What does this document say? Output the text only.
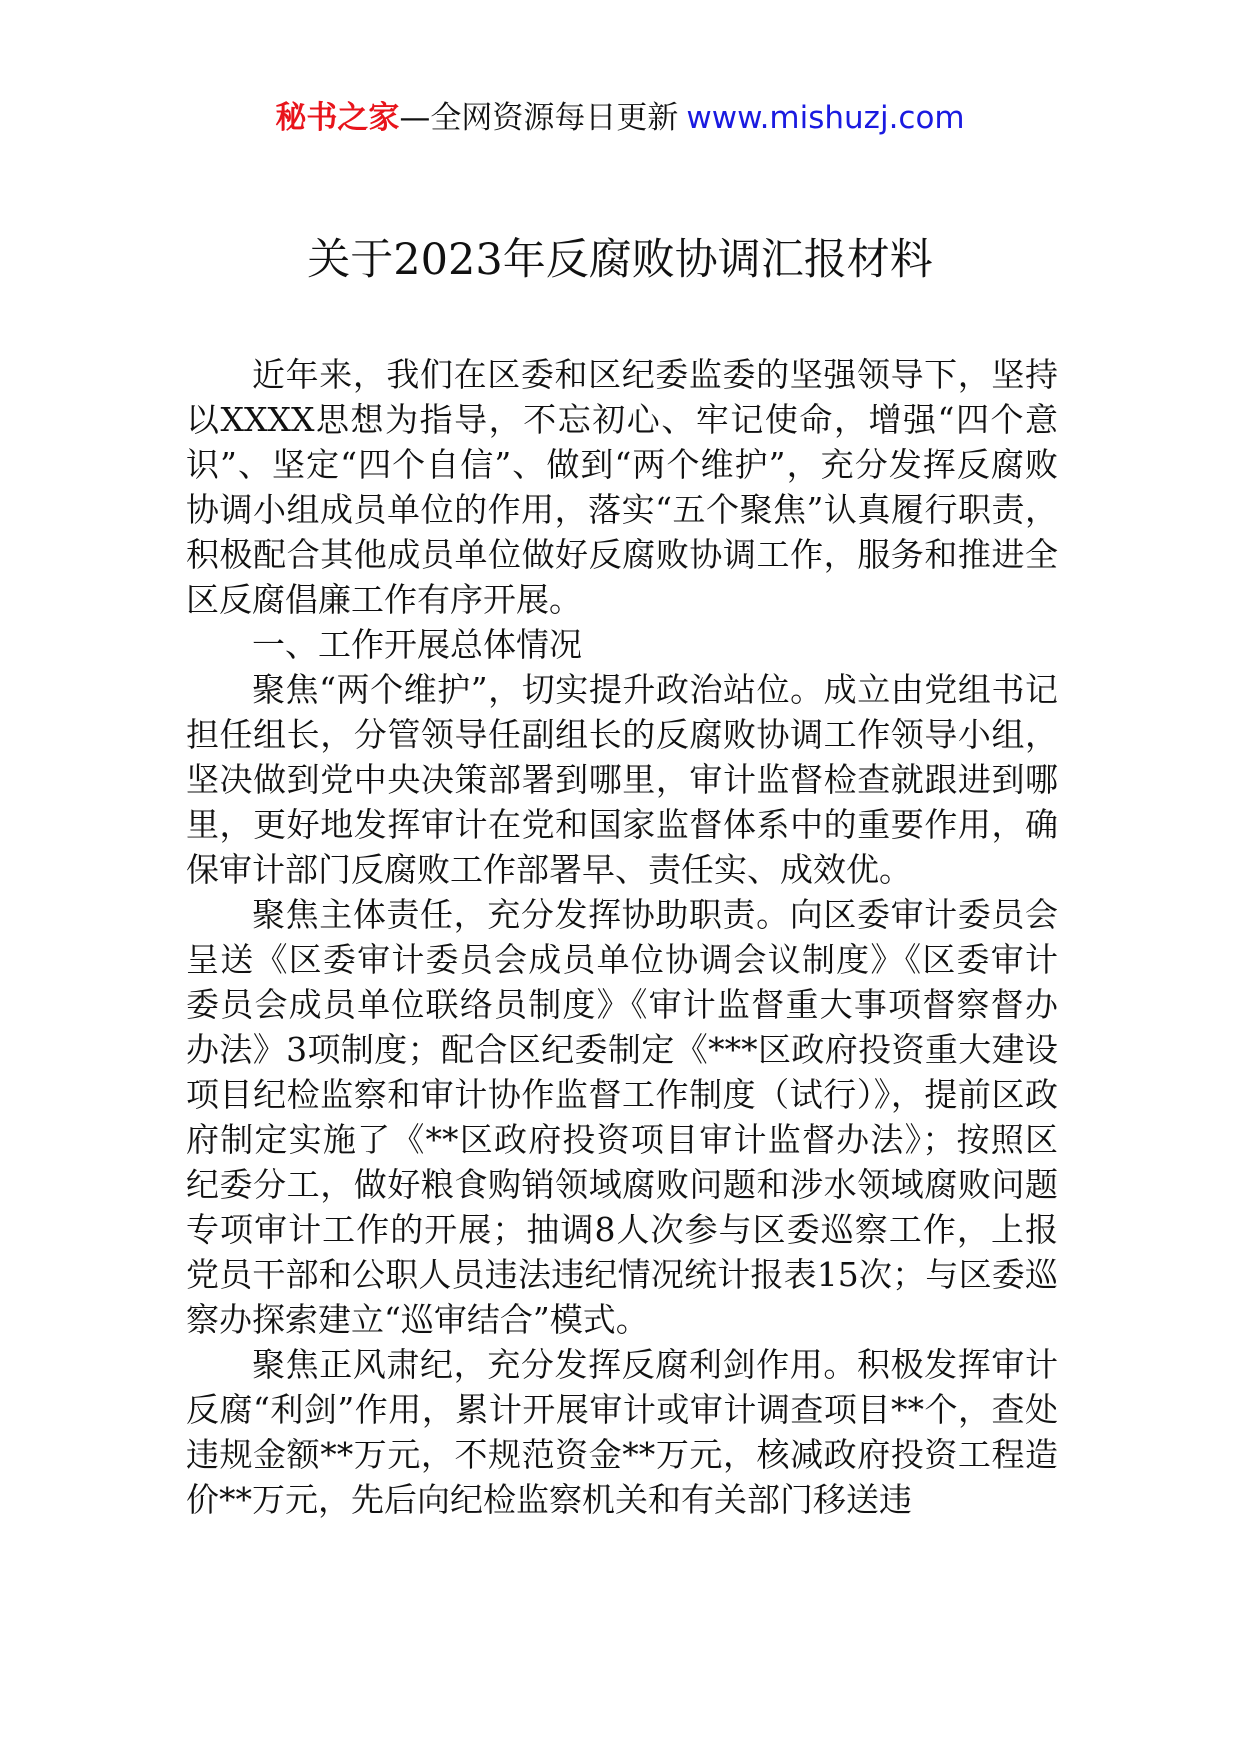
秘书之家—全网资源每日更新 www.mishuzj.com
关于2023年反腐败协调汇报材料

近年来，我们在区委和区纪委监委的坚强领导下，坚持以XXXX思想为指导，不忘初心、牢记使命，增强“四个意识”、坚定“四个自信”、做到“两个维护”，充分发挥反腐败协调小组成员单位的作用，落实“五个聚焦”认真履行职责，积极配合其他成员单位做好反腐败协调工作，服务和推进全区反腐倡廉工作有序开展。

一、工作开展总体情况

聚焦“两个维护”，切实提升政治站位。成立由党组书记担任组长，分管领导任副组长的反腐败协调工作领导小组，坚决做到党中央决策部署到哪里，审计监督检查就跟进到哪里，更好地发挥审计在党和国家监督体系中的重要作用，确保审计部门反腐败工作部署早、责任实、成效优。

聚焦主体责任，充分发挥协助职责。向区委审计委员会呈送《区委审计委员会成员单位协调会议制度》《区委审计委员会成员单位联络员制度》《审计监督重大事项督察督办办法》3项制度；配合区纪委制定《***区政府投资重大建设项目纪检监察和审计协作监督工作制度（试行）》，提前区政府制定实施了《**区政府投资项目审计监督办法》；按照区纪委分工，做好粮食购销领域腐败问题和涉水领域腐败问题专项审计工作的开展；抽调8人次参与区委巡察工作，上报党员干部和公职人员违法违纪情况统计报表15次；与区委巡察办探索建立“巡审结合”模式。

聚焦正风肃纪，充分发挥反腐利剑作用。积极发挥审计反腐“利剑”作用，累计开展审计或审计调查项目**个，查处违规金额**万元，不规范资金**万元，核减政府投资工程造价**万元，先后向纪检监察机关和有关部门移送违
